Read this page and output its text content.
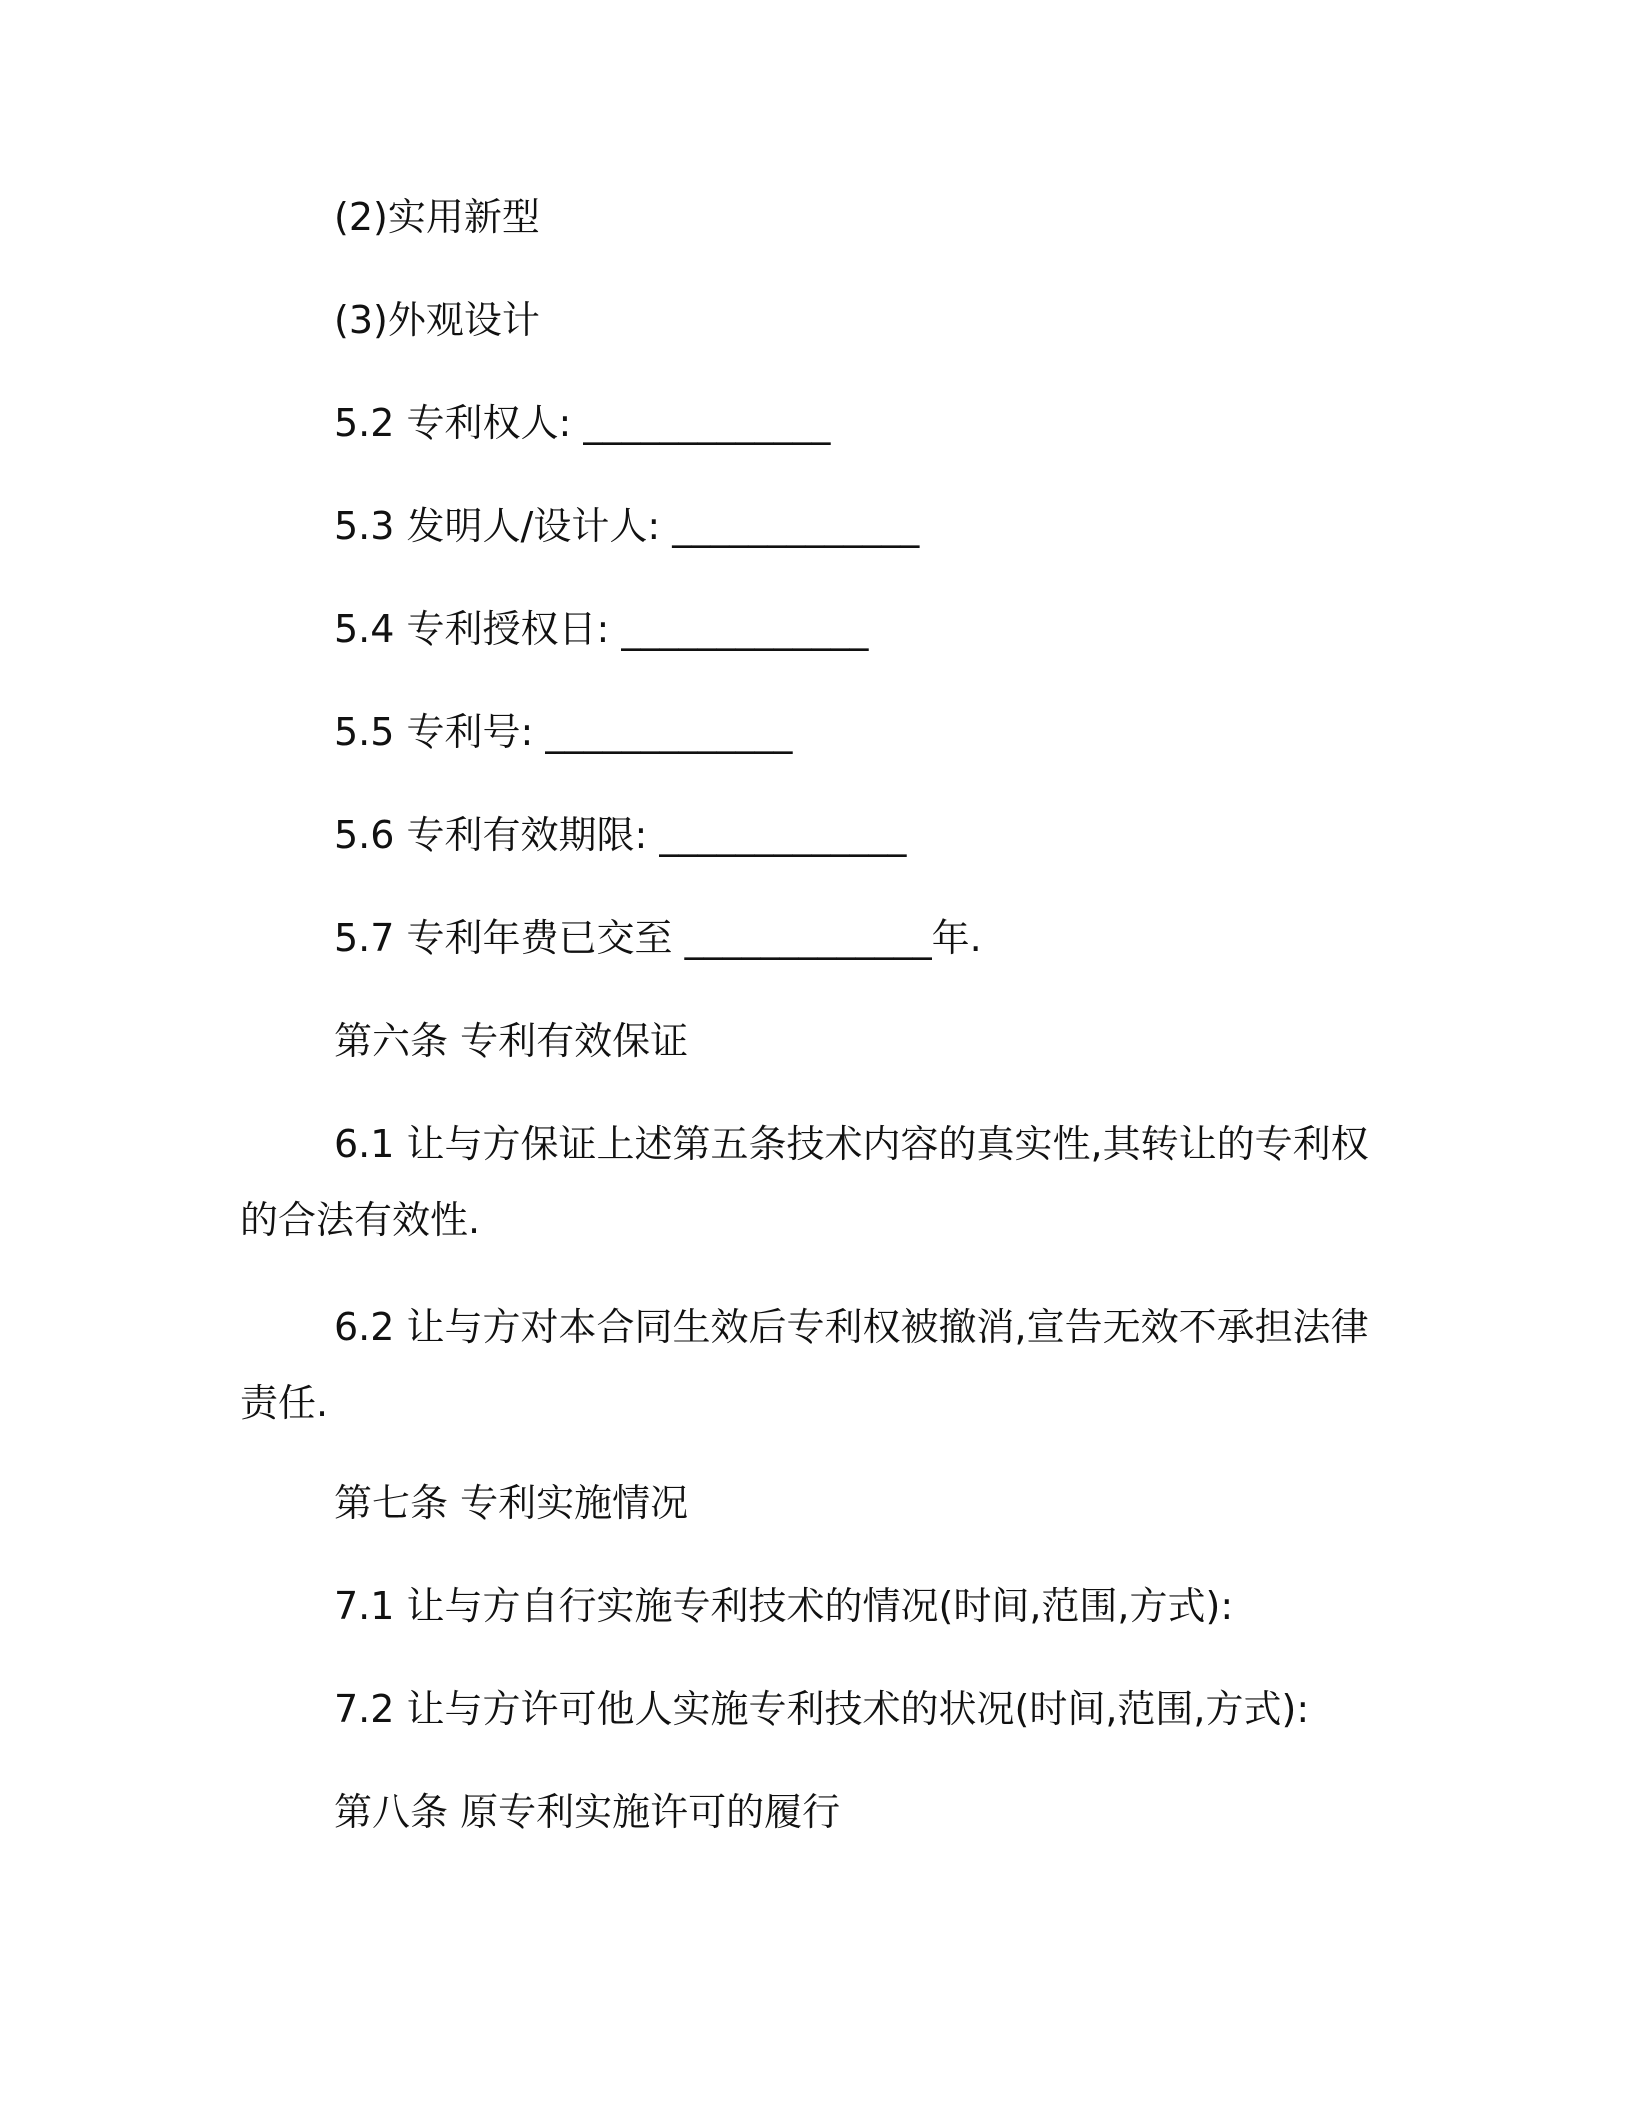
(2)实用新型
(3)外观设计
5.2 专利权人: _____________
5.3 发明人/设计人: _____________
5.4 专利授权日: _____________
5.5 专利号: _____________
5.6 专利有效期限: _____________
5.7 专利年费已交至 _____________年.
第六条 专利有效保证
6.1 让与方保证上述第五条技术内容的真实性,其转让的专利权的合法有效性.
6.2 让与方对本合同生效后专利权被撤消,宣告无效不承担法律责任.
第七条 专利实施情况
7.1 让与方自行实施专利技术的情况(时间,范围,方式):
7.2 让与方许可他人实施专利技术的状况(时间,范围,方式):
第八条 原专利实施许可的履行
